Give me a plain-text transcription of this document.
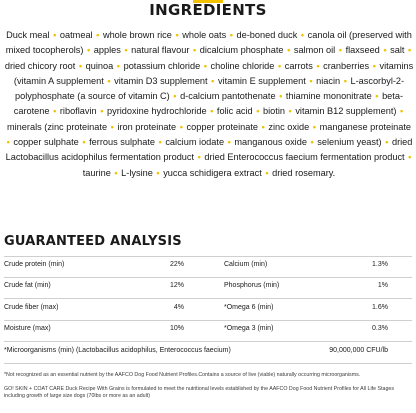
INGREDIENTS

Duck meal • oatmeal • whole brown rice • whole oats • de-boned duck • canola oil (preserved with mixed tocopherols) • apples • natural flavour • dicalcium phosphate • salmon oil • flaxseed • salt • dried chicory root • quinoa • potassium chloride • choline chloride • carrots • cranberries • vitamins (vitamin A supplement • vitamin D3 supplement • vitamin E supplement • niacin • L-ascorbyl-2-polyphosphate (a source of vitamin C) • d-calcium pantothenate • thiamine mononitrate • beta-carotene • riboflavin • pyridoxine hydrochloride • folic acid • biotin • vitamin B12 supplement) • minerals (zinc proteinate • iron proteinate • copper proteinate • zinc oxide • manganese proteinate • copper sulphate • ferrous sulphate • calcium iodate • manganous oxide • selenium yeast) • dried Lactobacillus acidophilus fermentation product • dried Enterococcus faecium fermentation product • taurine • L-lysine • yucca schidigera extract • dried rosemary.

GUARANTEED ANALYSIS
Crude protein (min)	22%	Calcium (min)	1.3%
Crude fat (min)	12%	Phosphorus (min)	1%
Crude fiber (max)	4%	*Omega 6 (min)	1.6%
Moisture (max)	10%	*Omega 3 (min)	0.3%
*Microorganisms (min) (Lactobacillus acidophilus, Enterococcus faecium)	90,000,000 CFU/lb

*Not recognized as an essential nutrient by the AAFCO Dog Food Nutrient Profiles.Contains a source of live (viable) naturally occurring microorganisms.

GO! SKIN + COAT CARE Duck Recipe With Grains is formulated to meet the nutritional levels established by the AAFCO Dog Food Nutrient Profiles for All Life Stages including growth of large size dogs (70lbs or more as an adult)
